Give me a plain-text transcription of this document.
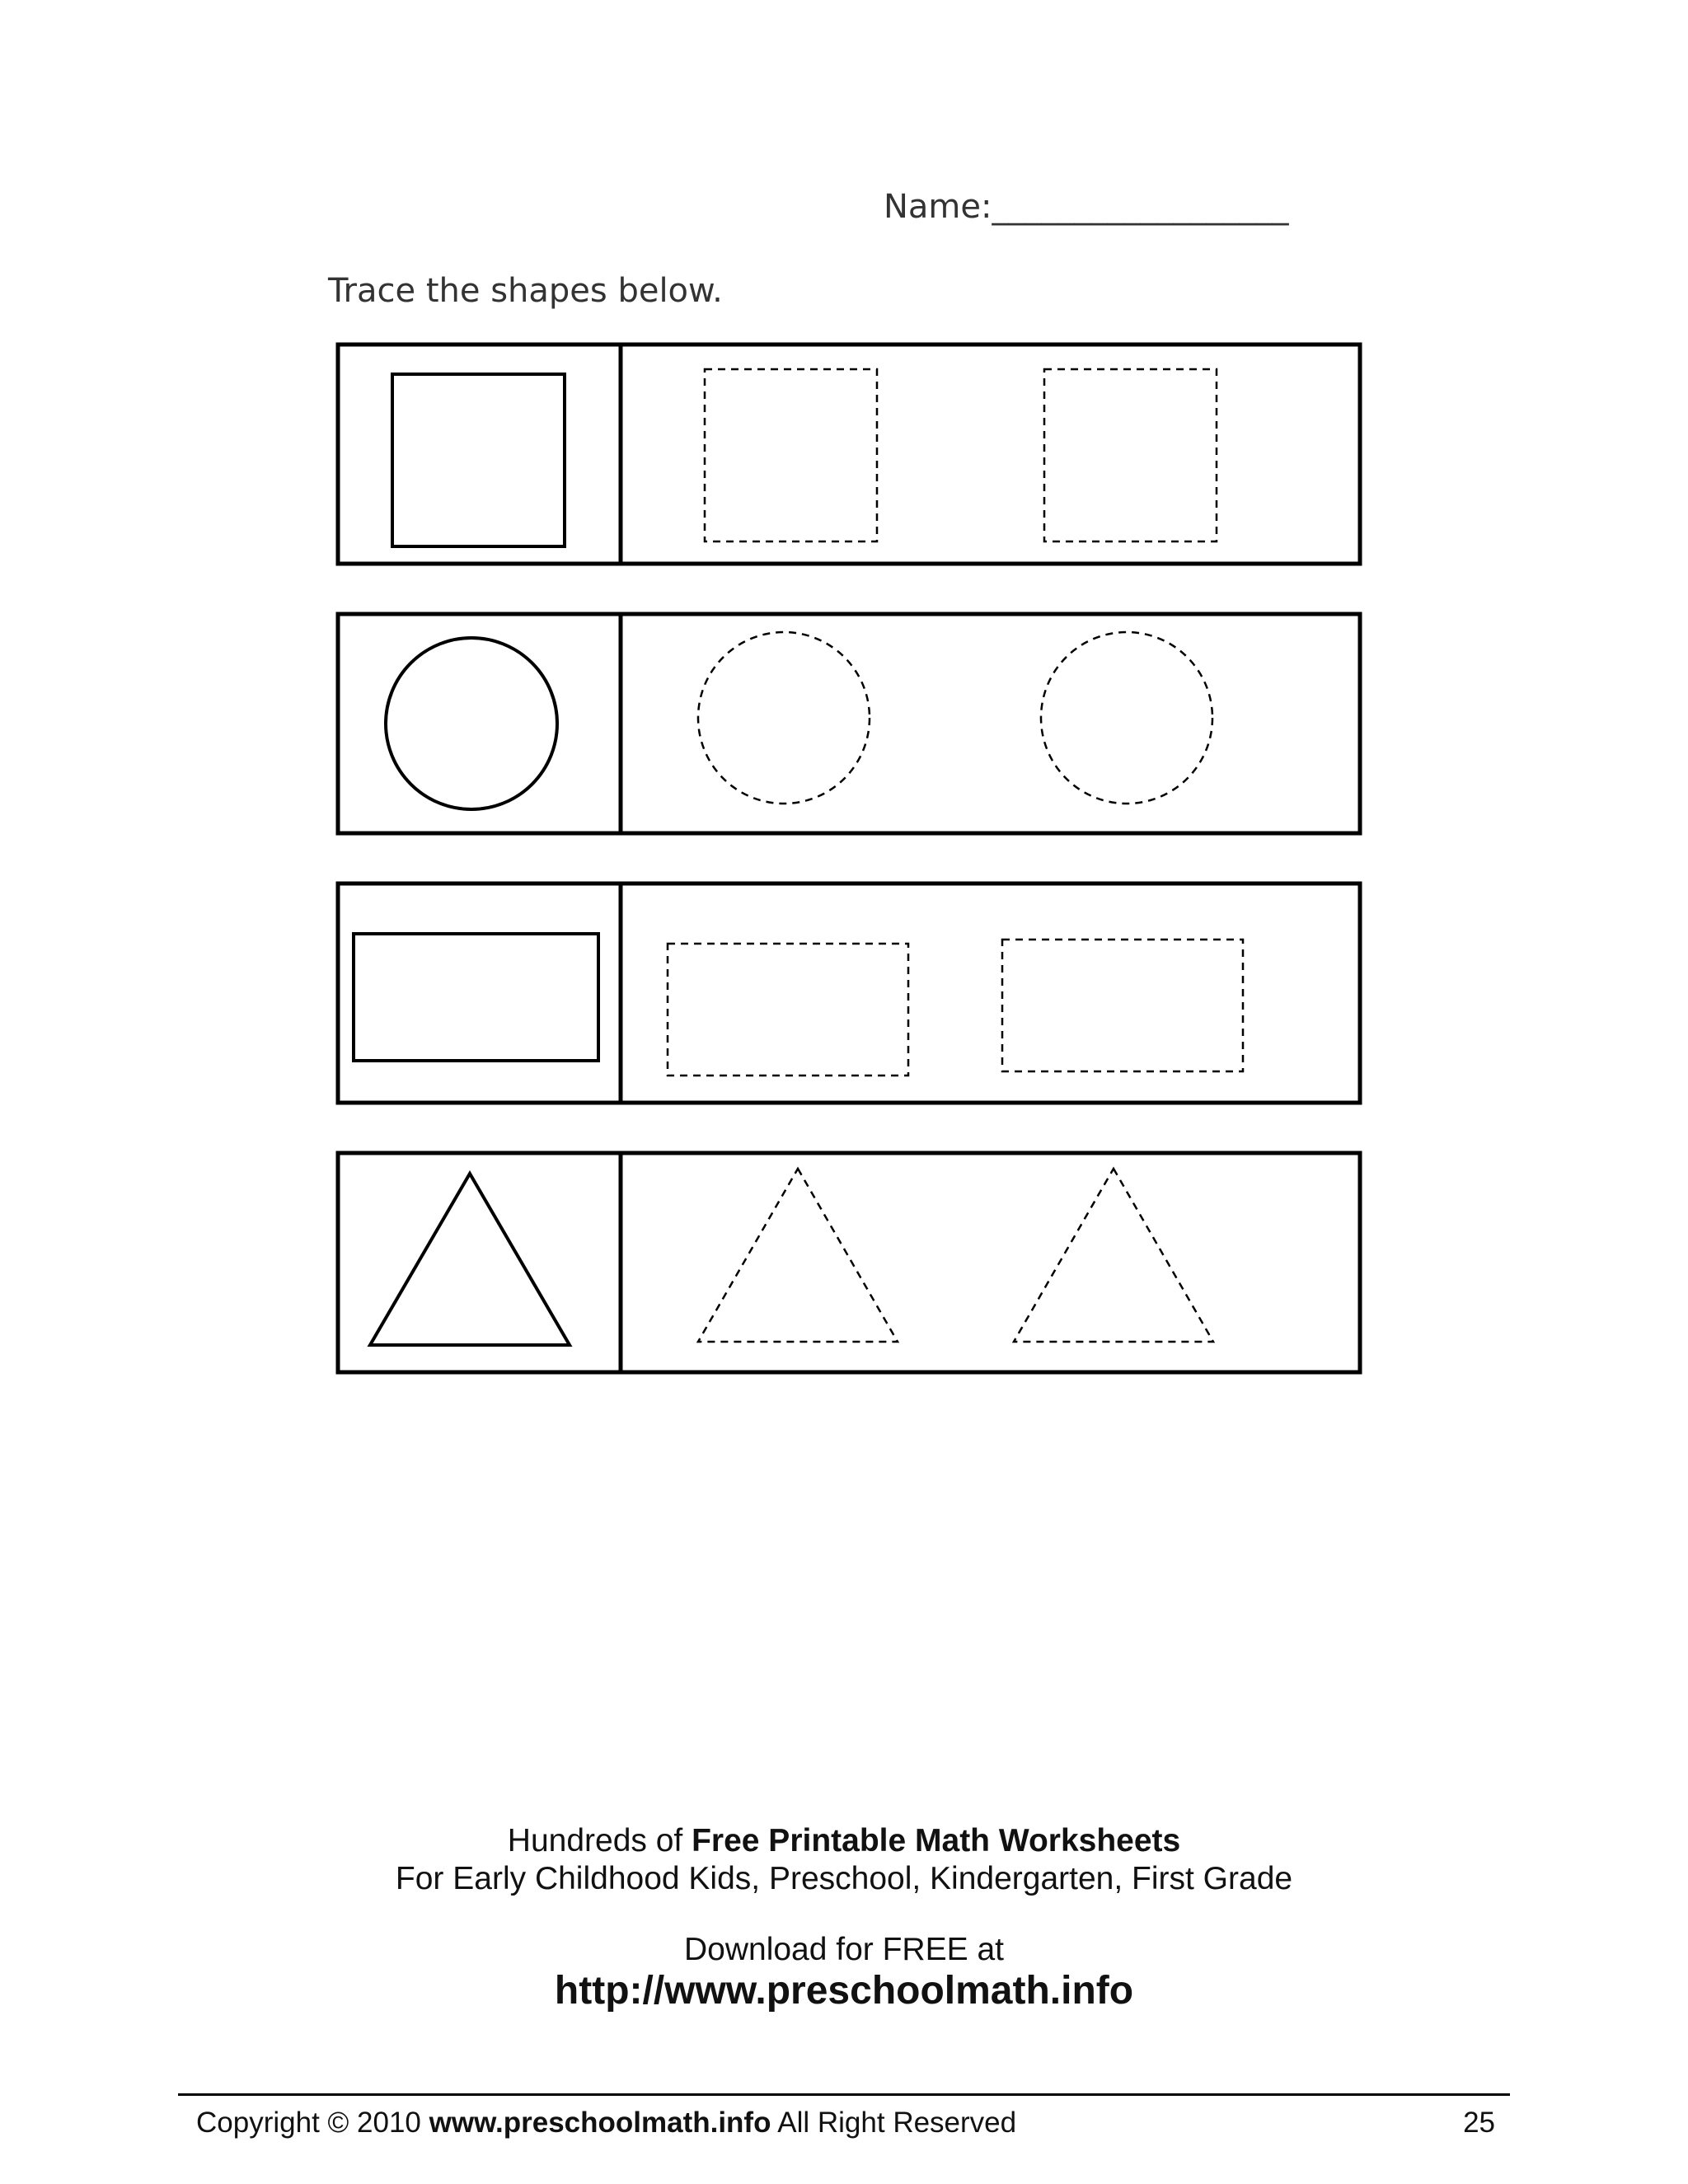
Name:__________________
Trace the shapes below.
Hundreds of Free Printable Math Worksheets
For Early Childhood Kids, Preschool, Kindergarten, First Grade
Download for FREE at
http://www.preschoolmath.info
Copyright © 2010 www.preschoolmath.info All Right Reserved	25
